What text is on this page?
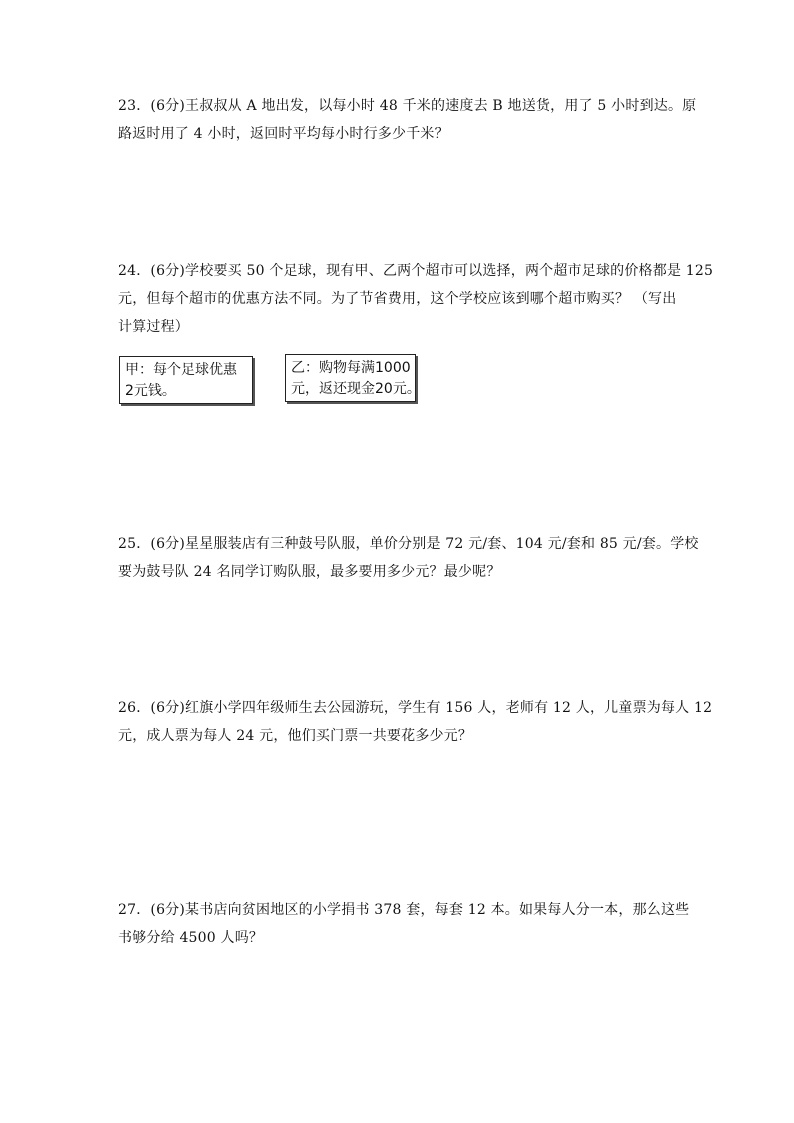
23．(6分)王叔叔从 A 地出发，以每小时 48 千米的速度去 B 地送货，用了 5 小时到达。原
路返时用了 4 小时，返回时平均每小时行多少千米？
24．(6分)学校要买 50 个足球，现有甲、乙两个超市可以选择，两个超市足球的价格都是 125
元，但每个超市的优惠方法不同。为了节省费用，这个学校应该到哪个超市购买？ （写出
计算过程）
甲：每个足球优惠
2元钱。
乙：购物每满1000
元，返还现金20元。
25．(6分)星星服装店有三种鼓号队服，单价分别是 72 元/套、104 元/套和 85 元/套。学校
要为鼓号队 24 名同学订购队服，最多要用多少元？最少呢？
26．(6分)红旗小学四年级师生去公园游玩，学生有 156 人，老师有 12 人，儿童票为每人 12
元，成人票为每人 24 元，他们买门票一共要花多少元？
27．(6分)某书店向贫困地区的小学捐书 378 套，每套 12 本。如果每人分一本，那么这些
书够分给 4500 人吗？
